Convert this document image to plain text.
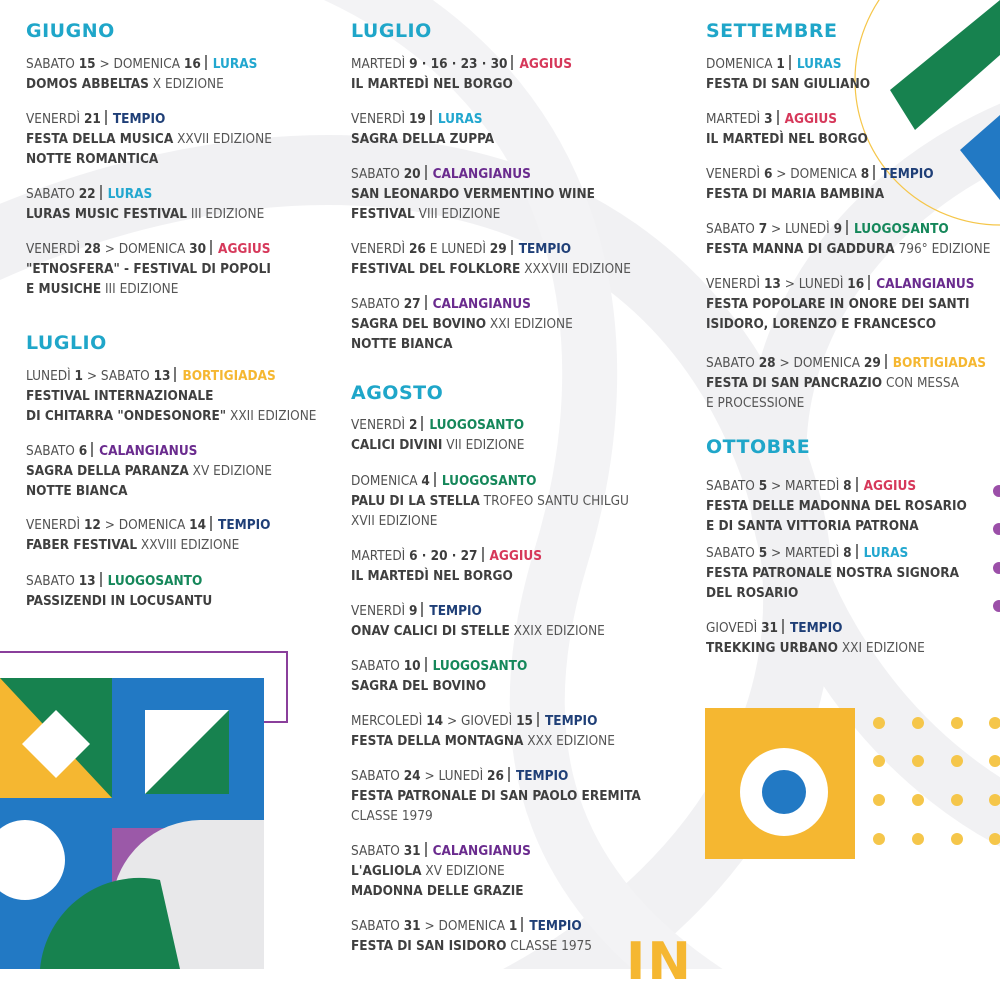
GIUGNO
SABATO 15 > DOMENICA 16 LURAS
DOMOS ABBELTAS X EDIZIONE
VENERDÌ 21 TEMPIO
FESTA DELLA MUSICA XXVII EDIZIONE
NOTTE ROMANTICA
SABATO 22 LURAS
LURAS MUSIC FESTIVAL III EDIZIONE
VENERDÌ 28 > DOMENICA 30 AGGIUS
"ETNOSFERA" - FESTIVAL DI POPOLI
E MUSICHE III EDIZIONE
LUGLIO
LUNEDÌ 1 > SABATO 13 BORTIGIADAS
FESTIVAL INTERNAZIONALE
DI CHITARRA "ONDESONORE" XXII EDIZIONE
SABATO 6 CALANGIANUS
SAGRA DELLA PARANZA XV EDIZIONE
NOTTE BIANCA
VENERDÌ 12 > DOMENICA 14 TEMPIO
FABER FESTIVAL XXVIII EDIZIONE
SABATO 13 LUOGOSANTO
PASSIZENDI IN LOCUSANTU
LUGLIO
MARTEDÌ 9 · 16 · 23 · 30 AGGIUS
IL MARTEDÌ NEL BORGO
VENERDÌ 19 LURAS
SAGRA DELLA ZUPPA
SABATO 20 CALANGIANUS
SAN LEONARDO VERMENTINO WINE
FESTIVAL VIII EDIZIONE
VENERDÌ 26 E LUNEDÌ 29 TEMPIO
FESTIVAL DEL FOLKLORE XXXVIII EDIZIONE
SABATO 27 CALANGIANUS
SAGRA DEL BOVINO XXI EDIZIONE
NOTTE BIANCA
AGOSTO
VENERDÌ 2 LUOGOSANTO
CALICI DIVINI VII EDIZIONE
DOMENICA 4 LUOGOSANTO
PALU DI LA STELLA TROFEO SANTU CHILGU
XVII EDIZIONE
MARTEDÌ 6 · 20 · 27 AGGIUS
IL MARTEDÌ NEL BORGO
VENERDÌ 9 TEMPIO
ONAV CALICI DI STELLE XXIX EDIZIONE
SABATO 10 LUOGOSANTO
SAGRA DEL BOVINO
MERCOLEDÌ 14 > GIOVEDÌ 15 TEMPIO
FESTA DELLA MONTAGNA XXX EDIZIONE
SABATO 24 > LUNEDÌ 26 TEMPIO
FESTA PATRONALE DI SAN PAOLO EREMITA
CLASSE 1979
SABATO 31 CALANGIANUS
L'AGLIOLA XV EDIZIONE
MADONNA DELLE GRAZIE
SABATO 31 > DOMENICA 1 TEMPIO
FESTA DI SAN ISIDORO CLASSE 1975 IN
SETTEMBRE
DOMENICA 1 LURAS
FESTA DI SAN GIULIANO
MARTEDÌ 3 AGGIUS
IL MARTEDÌ NEL BORGO
VENERDÌ 6 > DOMENICA 8 TEMPIO
FESTA DI MARIA BAMBINA
SABATO 7 > LUNEDÌ 9 LUOGOSANTO
FESTA MANNA DI GADDURA 796° EDIZIONE
VENERDÌ 13 > LUNEDÌ 16 CALANGIANUS
FESTA POPOLARE IN ONORE DEI SANTI
ISIDORO, LORENZO E FRANCESCO
SABATO 28 > DOMENICA 29 BORTIGIADAS
FESTA DI SAN PANCRAZIO CON MESSA
E PROCESSIONE
OTTOBRE
SABATO 5 > MARTEDÌ 8 AGGIUS
FESTA DELLE MADONNA DEL ROSARIO
E DI SANTA VITTORIA PATRONA
SABATO 5 > MARTEDÌ 8 LURAS
FESTA PATRONALE NOSTRA SIGNORA
DEL ROSARIO
GIOVEDÌ 31 TEMPIO
TREKKING URBANO XXI EDIZIONE
